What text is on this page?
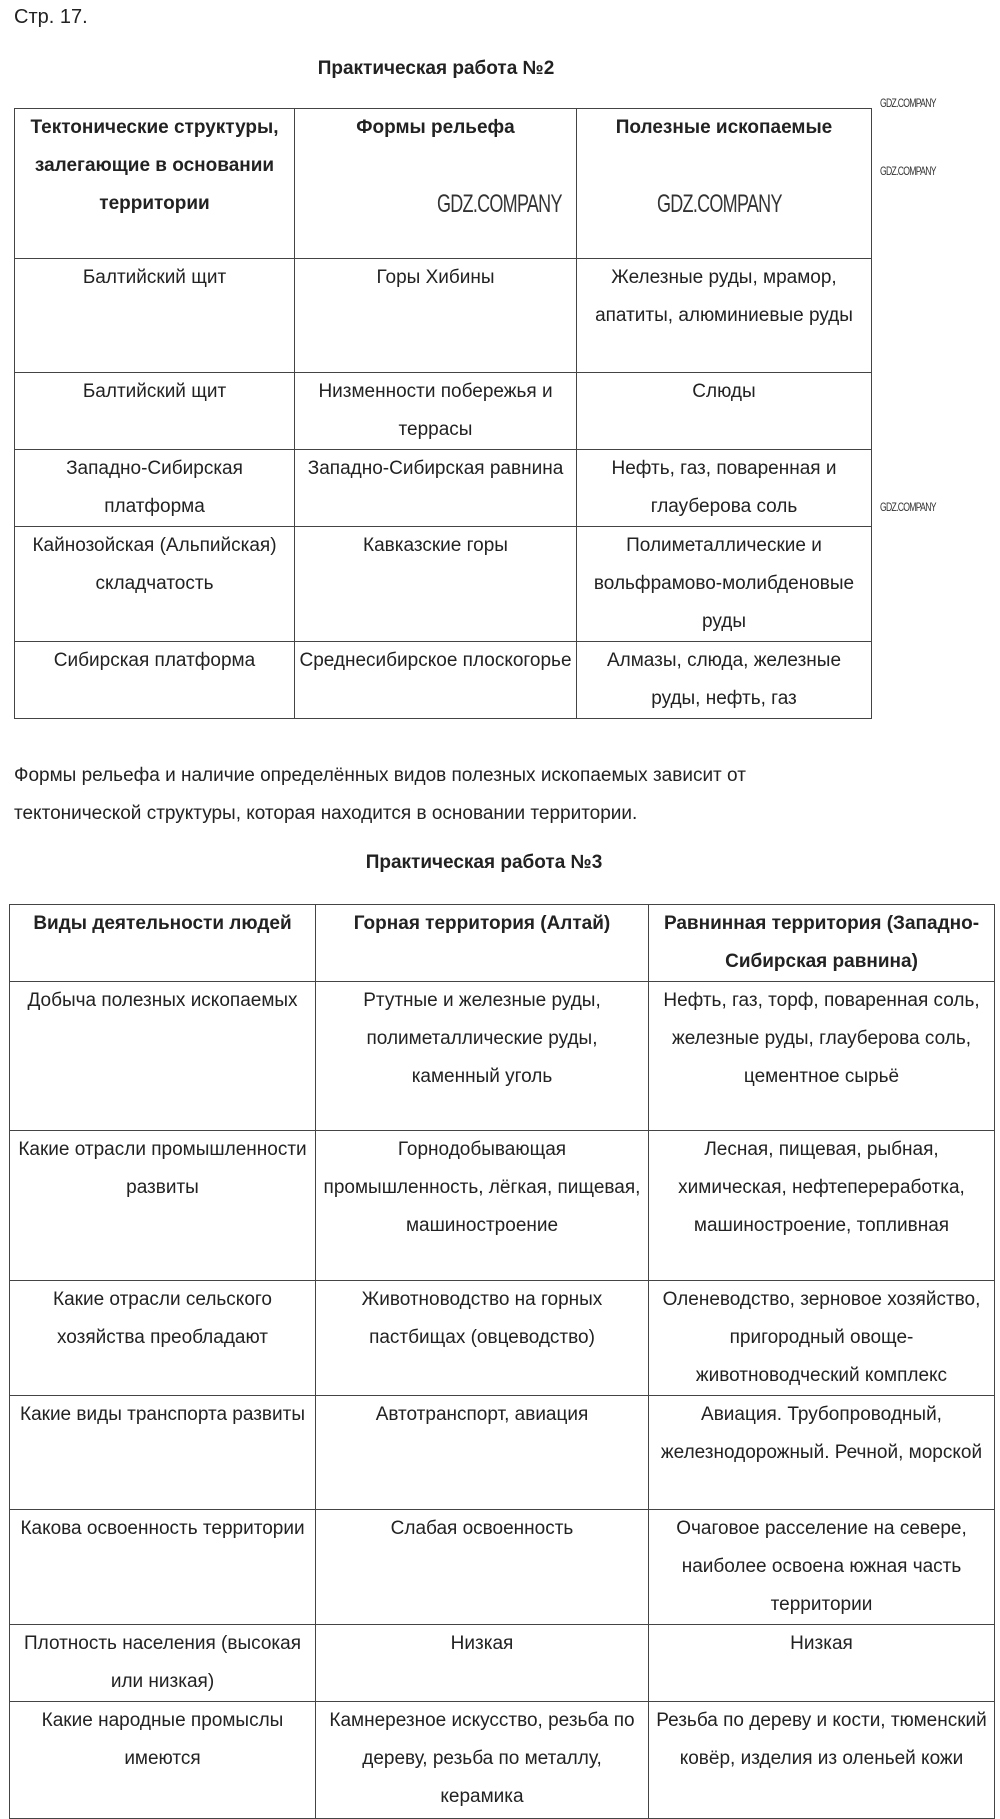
Стр. 17.
Практическая работа №2
Тектонические структуры, залегающие в основании территории	Формы рельефа	Полезные ископаемые
Балтийский щит	Горы Хибины	Железные руды, мрамор, апатиты, алюминиевые руды
Балтийский щит	Низменности побережья и террасы	Слюды
Западно-Сибирская платформа	Западно-Сибирская равнина	Нефть, газ, поваренная и глауберова соль
Кайнозойская (Альпийская) складчатость	Кавказские горы	Полиметаллические и вольфрамово-молибденовые руды
Сибирская платформа	Среднесибирское плоскогорье	Алмазы, слюда, железные руды, нефть, газ
Формы рельефа и наличие определённых видов полезных ископаемых зависит от тектонической структуры, которая находится в основании территории.
Практическая работа №3
Виды деятельности людей	Горная территория (Алтай)	Равнинная территория (Западно-Сибирская равнина)
Добыча полезных ископаемых	Ртутные и железные руды, полиметаллические руды, каменный уголь	Нефть, газ, торф, поваренная соль, железные руды, глауберова соль, цементное сырьё
Какие отрасли промышленности развиты	Горнодобывающая промышленность, лёгкая, пищевая, машиностроение	Лесная, пищевая, рыбная, химическая, нефтепереработка, машиностроение, топливная
Какие отрасли сельского хозяйства преобладают	Животноводство на горных пастбищах (овцеводство)	Оленеводство, зерновое хозяйство, пригородный овоще-животноводческий комплекс
Какие виды транспорта развиты	Автотранспорт, авиация	Авиация. Трубопроводный, железнодорожный. Речной, морской
Какова освоенность территории	Слабая освоенность	Очаговое расселение на севере, наиболее освоена южная часть территории
Плотность населения (высокая или низкая)	Низкая	Низкая
Какие народные промыслы имеются	Камнерезное искусство, резьба по дереву, резьба по металлу, керамика	Резьба по дереву и кости, тюменский ковёр, изделия из оленьей кожи
GDZ.COMPANY	GDZ.COMPANY
GDZ.COMPANY
GDZ.COMPANY
GDZ.COMPANY
